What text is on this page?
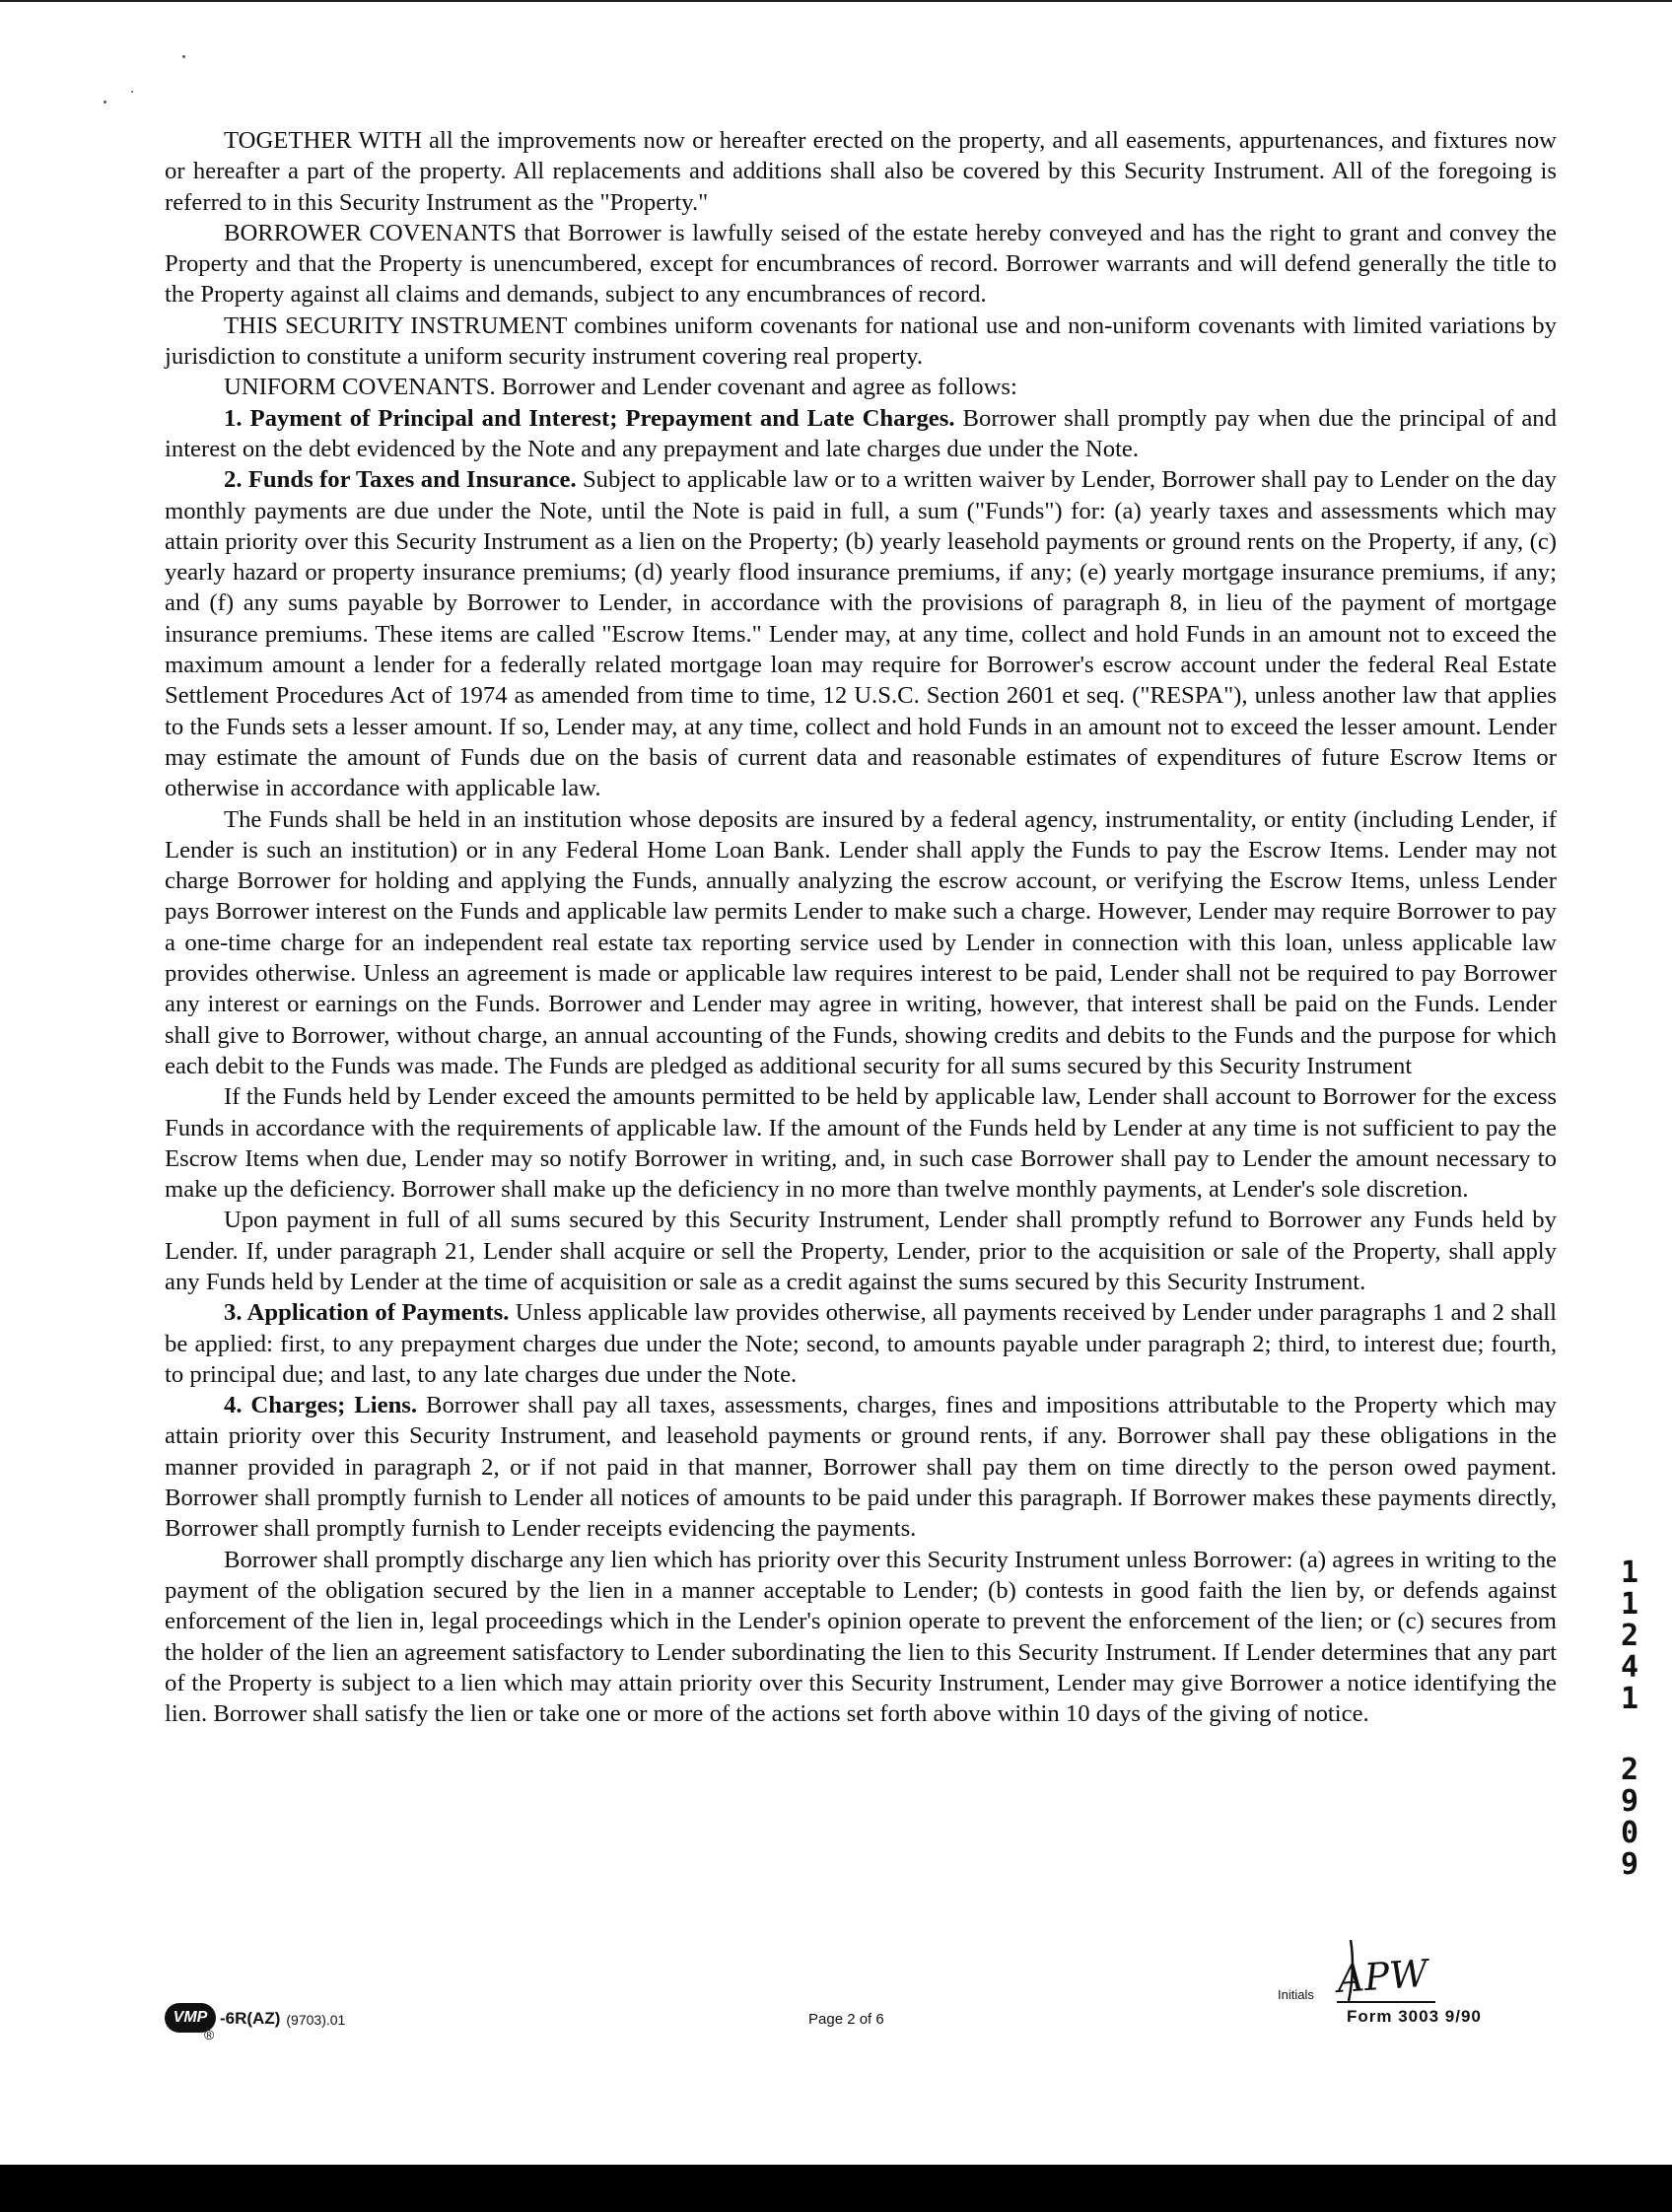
TOGETHER WITH all the improvements now or hereafter erected on the property, and all easements, appurtenances, and fixtures now or hereafter a part of the property. All replacements and additions shall also be covered by this Security Instrument. All of the foregoing is referred to in this Security Instrument as the "Property."

BORROWER COVENANTS that Borrower is lawfully seised of the estate hereby conveyed and has the right to grant and convey the Property and that the Property is unencumbered, except for encumbrances of record. Borrower warrants and will defend generally the title to the Property against all claims and demands, subject to any encumbrances of record.

THIS SECURITY INSTRUMENT combines uniform covenants for national use and non-uniform covenants with limited variations by jurisdiction to constitute a uniform security instrument covering real property.

UNIFORM COVENANTS. Borrower and Lender covenant and agree as follows:

1. Payment of Principal and Interest; Prepayment and Late Charges. Borrower shall promptly pay when due the principal of and interest on the debt evidenced by the Note and any prepayment and late charges due under the Note.

2. Funds for Taxes and Insurance. Subject to applicable law or to a written waiver by Lender, Borrower shall pay to Lender on the day monthly payments are due under the Note, until the Note is paid in full, a sum ("Funds") for: (a) yearly taxes and assessments which may attain priority over this Security Instrument as a lien on the Property; (b) yearly leasehold payments or ground rents on the Property, if any, (c) yearly hazard or property insurance premiums; (d) yearly flood insurance premiums, if any; (e) yearly mortgage insurance premiums, if any; and (f) any sums payable by Borrower to Lender, in accordance with the provisions of paragraph 8, in lieu of the payment of mortgage insurance premiums. These items are called "Escrow Items." Lender may, at any time, collect and hold Funds in an amount not to exceed the maximum amount a lender for a federally related mortgage loan may require for Borrower's escrow account under the federal Real Estate Settlement Procedures Act of 1974 as amended from time to time, 12 U.S.C. Section 2601 et seq. ("RESPA"), unless another law that applies to the Funds sets a lesser amount. If so, Lender may, at any time, collect and hold Funds in an amount not to exceed the lesser amount. Lender may estimate the amount of Funds due on the basis of current data and reasonable estimates of expenditures of future Escrow Items or otherwise in accordance with applicable law.

The Funds shall be held in an institution whose deposits are insured by a federal agency, instrumentality, or entity (including Lender, if Lender is such an institution) or in any Federal Home Loan Bank. Lender shall apply the Funds to pay the Escrow Items. Lender may not charge Borrower for holding and applying the Funds, annually analyzing the escrow account, or verifying the Escrow Items, unless Lender pays Borrower interest on the Funds and applicable law permits Lender to make such a charge. However, Lender may require Borrower to pay a one-time charge for an independent real estate tax reporting service used by Lender in connection with this loan, unless applicable law provides otherwise. Unless an agreement is made or applicable law requires interest to be paid, Lender shall not be required to pay Borrower any interest or earnings on the Funds. Borrower and Lender may agree in writing, however, that interest shall be paid on the Funds. Lender shall give to Borrower, without charge, an annual accounting of the Funds, showing credits and debits to the Funds and the purpose for which each debit to the Funds was made. The Funds are pledged as additional security for all sums secured by this Security Instrument

If the Funds held by Lender exceed the amounts permitted to be held by applicable law, Lender shall account to Borrower for the excess Funds in accordance with the requirements of applicable law. If the amount of the Funds held by Lender at any time is not sufficient to pay the Escrow Items when due, Lender may so notify Borrower in writing, and, in such case Borrower shall pay to Lender the amount necessary to make up the deficiency. Borrower shall make up the deficiency in no more than twelve monthly payments, at Lender's sole discretion.

Upon payment in full of all sums secured by this Security Instrument, Lender shall promptly refund to Borrower any Funds held by Lender. If, under paragraph 21, Lender shall acquire or sell the Property, Lender, prior to the acquisition or sale of the Property, shall apply any Funds held by Lender at the time of acquisition or sale as a credit against the sums secured by this Security Instrument.

3. Application of Payments. Unless applicable law provides otherwise, all payments received by Lender under paragraphs 1 and 2 shall be applied: first, to any prepayment charges due under the Note; second, to amounts payable under paragraph 2; third, to interest due; fourth, to principal due; and last, to any late charges due under the Note.

4. Charges; Liens. Borrower shall pay all taxes, assessments, charges, fines and impositions attributable to the Property which may attain priority over this Security Instrument, and leasehold payments or ground rents, if any. Borrower shall pay these obligations in the manner provided in paragraph 2, or if not paid in that manner, Borrower shall pay them on time directly to the person owed payment. Borrower shall promptly furnish to Lender all notices of amounts to be paid under this paragraph. If Borrower makes these payments directly, Borrower shall promptly furnish to Lender receipts evidencing the payments.

Borrower shall promptly discharge any lien which has priority over this Security Instrument unless Borrower: (a) agrees in writing to the payment of the obligation secured by the lien in a manner acceptable to Lender; (b) contests in good faith the lien by, or defends against enforcement of the lien in, legal proceedings which in the Lender's opinion operate to prevent the enforcement of the lien; or (c) secures from the holder of the lien an agreement satisfactory to Lender subordinating the lien to this Security Instrument. If Lender determines that any part of the Property is subject to a lien which may attain priority over this Security Instrument, Lender may give Borrower a notice identifying the lien. Borrower shall satisfy the lien or take one or more of the actions set forth above within 10 days of the giving of notice.

1
1
2
4
1
2
9
0
9
VMP
®
-6R(AZ) (9703).01	Page 2 of 6
Initials APW
Form 3003 9/90
